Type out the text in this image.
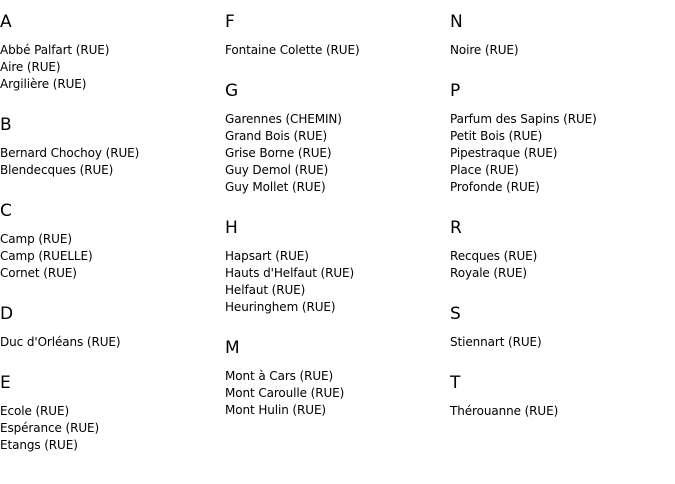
A
Abbé Palfart (RUE)
Aire (RUE)
Argilière (RUE)
B
Bernard Chochoy (RUE)
Blendecques (RUE)
C
Camp (RUE)
Camp (RUELLE)
Cornet (RUE)
D
Duc d'Orléans (RUE)
E
Ecole (RUE)
Espérance (RUE)
Etangs (RUE)
F
Fontaine Colette (RUE)
G
Garennes (CHEMIN)
Grand Bois (RUE)
Grise Borne (RUE)
Guy Demol (RUE)
Guy Mollet (RUE)
H
Hapsart (RUE)
Hauts d'Helfaut (RUE)
Helfaut (RUE)
Heuringhem (RUE)
M
Mont à Cars (RUE)
Mont Caroulle (RUE)
Mont Hulin (RUE)
N
Noire (RUE)
P
Parfum des Sapins (RUE)
Petit Bois (RUE)
Pipestraque (RUE)
Place (RUE)
Profonde (RUE)
R
Recques (RUE)
Royale (RUE)
S
Stiennart (RUE)
T
Thérouanne (RUE)
